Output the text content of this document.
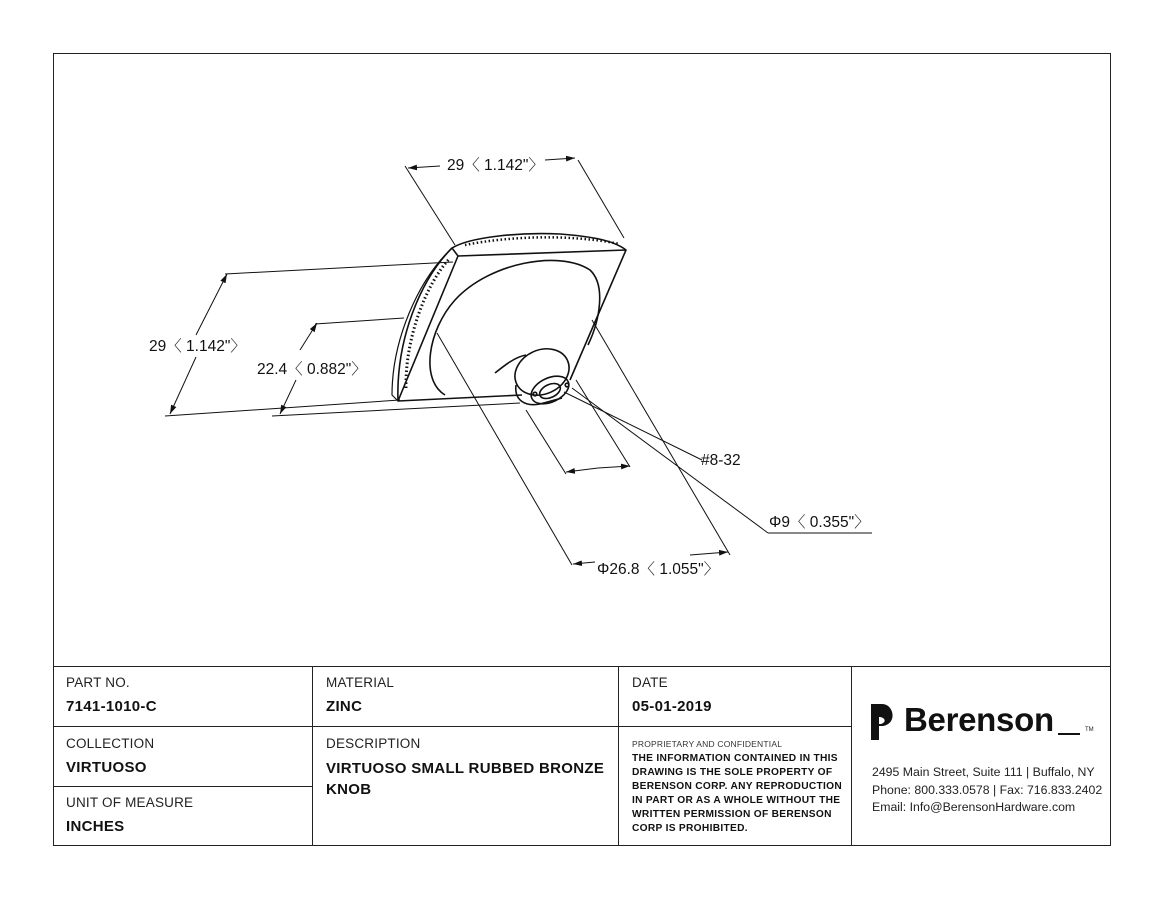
29〈 1.142"〉
29〈 1.142"〉
22.4〈 0.882"〉
#8-32
Φ9〈 0.355"〉
Φ26.8〈 1.055"〉
PART NO.
7141-1010-C
MATERIAL
ZINC
DATE
05-01-2019
COLLECTION
VIRTUOSO
DESCRIPTION
VIRTUOSO SMALL RUBBED BRONZE KNOB
UNIT OF MEASURE
INCHES
PROPRIETARY AND CONFIDENTIAL
THE INFORMATION CONTAINED IN THIS DRAWING IS THE SOLE PROPERTY OF BERENSON CORP. ANY REPRODUCTION IN PART OR AS A WHOLE WITHOUT THE WRITTEN PERMISSION OF BERENSON CORP IS PROHIBITED.
Berenson	TM
2495 Main Street, Suite 111 | Buffalo, NY
Phone: 800.333.0578 | Fax: 716.833.2402
Email: Info@BerensonHardware.com
